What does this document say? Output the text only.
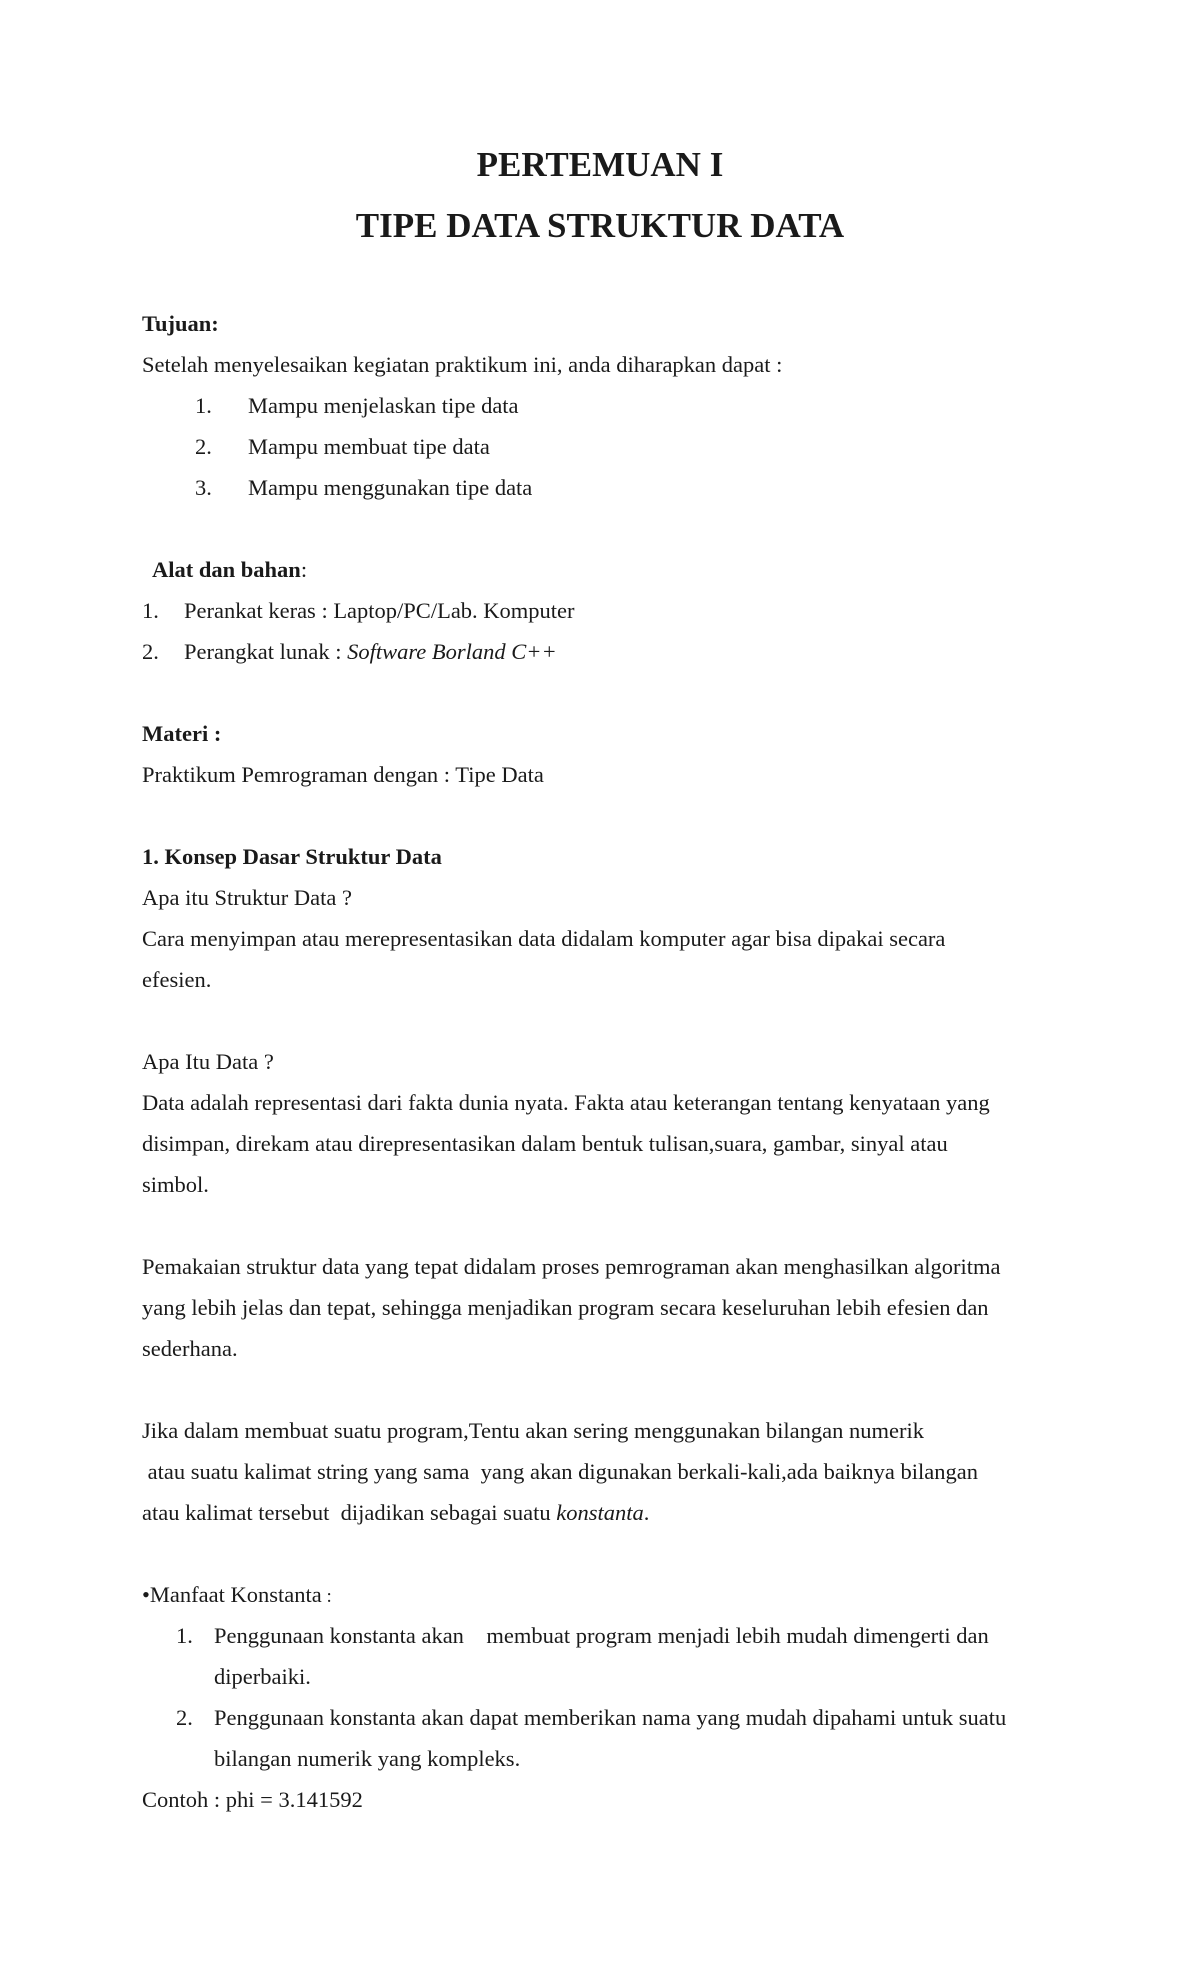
PERTEMUAN I
TIPE DATA STRUKTUR DATA
Tujuan:
Setelah menyelesaikan kegiatan praktikum ini, anda diharapkan dapat :
1. Mampu menjelaskan tipe data
2. Mampu membuat tipe data
3. Mampu menggunakan tipe data
Alat dan bahan:
1. Perankat keras : Laptop/PC/Lab. Komputer
2. Perangkat lunak : Software Borland C++
Materi :
Praktikum Pemrograman dengan : Tipe Data
1. Konsep Dasar Struktur Data
Apa itu Struktur Data ?
Cara menyimpan atau merepresentasikan data didalam komputer agar bisa dipakai secara
efesien.
Apa Itu Data ?
Data adalah representasi dari fakta dunia nyata. Fakta atau keterangan tentang kenyataan yang
disimpan, direkam atau direpresentasikan dalam bentuk tulisan,suara, gambar, sinyal atau
simbol.
Pemakaian struktur data yang tepat didalam proses pemrograman akan menghasilkan algoritma
yang lebih jelas dan tepat, sehingga menjadikan program secara keseluruhan lebih efesien dan
sederhana.
Jika dalam membuat suatu program,Tentu akan sering menggunakan bilangan numerik
atau suatu kalimat string yang sama  yang akan digunakan berkali-kali,ada baiknya bilangan
atau kalimat tersebut  dijadikan sebagai suatu konstanta.
•Manfaat Konstanta :
1. Penggunaan konstanta akan    membuat program menjadi lebih mudah dimengerti dan
diperbaiki.
2. Penggunaan konstanta akan dapat memberikan nama yang mudah dipahami untuk suatu
bilangan numerik yang kompleks.
Contoh : phi = 3.141592
